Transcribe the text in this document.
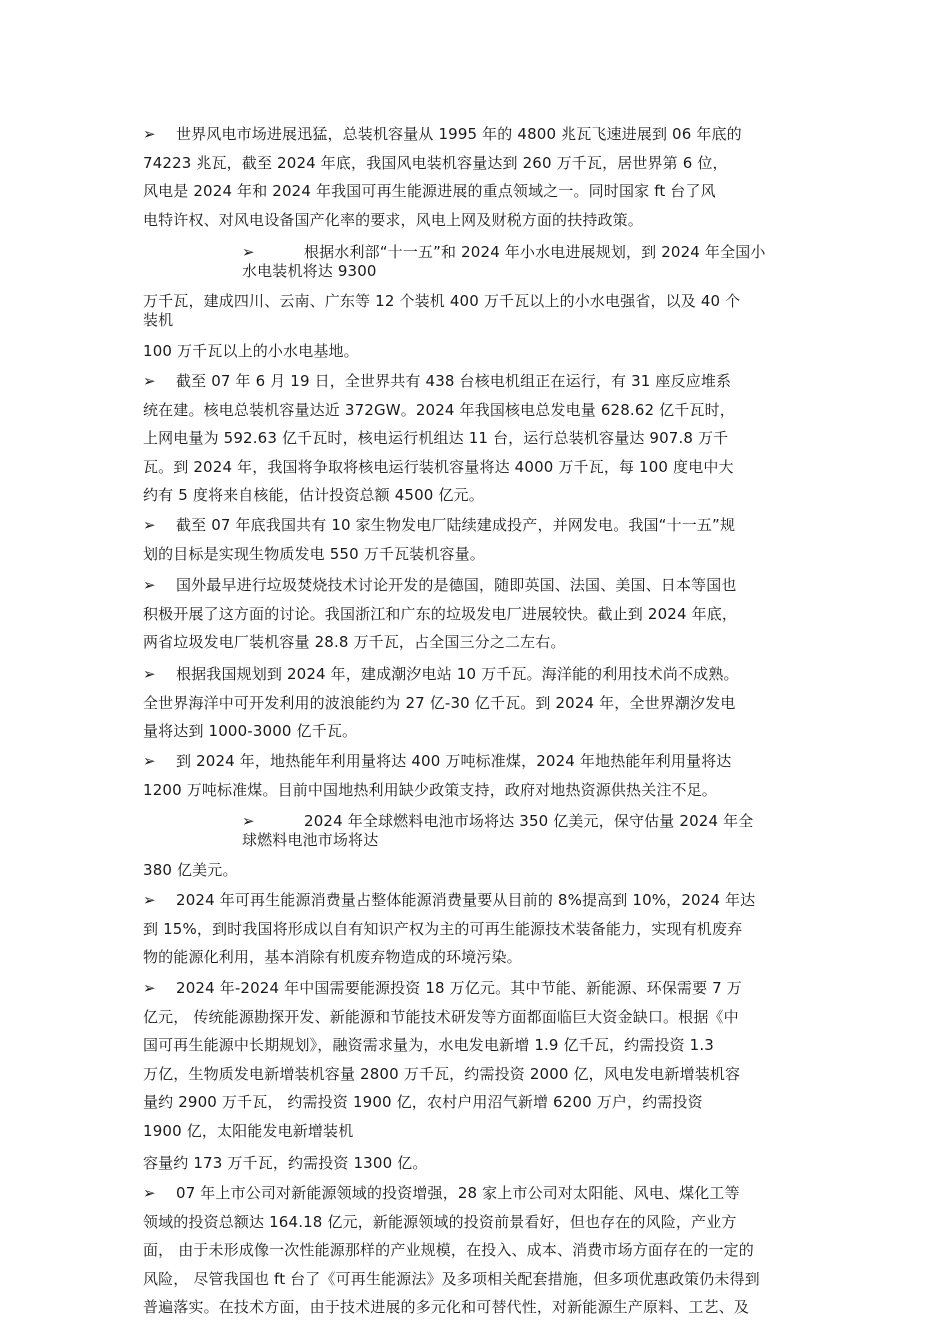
➢ 世界风电市场进展迅猛，总装机容量从 1995 年的 4800 兆瓦飞速进展到 06 年底的
74223 兆瓦，截至 2024 年底，我国风电装机容量达到 260 万千瓦，居世界第 6 位，
风电是 2024 年和 2024 年我国可再生能源进展的重点领域之一。同时国家 ft 台了风
电特许权、对风电设备国产化率的要求，风电上网及财税方面的扶持政策。
➢	根据水利部“十一五”和 2024 年小水电进展规划，到 2024 年全国小
水电装机将达 9300
万千瓦，建成四川、云南、广东等 12 个装机 400 万千瓦以上的小水电强省，以及 40 个
装机

100 万千瓦以上的小水电基地。

➢ 截至 07 年 6 月 19 日，全世界共有 438 台核电机组正在运行，有 31 座反应堆系
统在建。核电总装机容量达近 372GW。2024 年我国核电总发电量 628.62 亿千瓦时，
上网电量为 592.63 亿千瓦时，核电运行机组达 11 台，运行总装机容量达 907.8 万千
瓦。到 2024 年，我国将争取将核电运行装机容量将达 4000 万千瓦，每 100 度电中大
约有 5 度将来自核能，估计投资总额 4500 亿元。
➢ 截至 07 年底我国共有 10 家生物发电厂陆续建成投产，并网发电。我国“十一五”规
划的目标是实现生物质发电 550 万千瓦装机容量。
➢ 国外最早进行垃圾焚烧技术讨论开发的是德国，随即英国、法国、美国、日本等国也
积极开展了这方面的讨论。我国浙江和广东的垃圾发电厂进展较快。截止到 2024 年底，
两省垃圾发电厂装机容量 28.8 万千瓦，占全国三分之二左右。
➢ 根据我国规划到 2024 年，建成潮汐电站 10 万千瓦。海洋能的利用技术尚不成熟。
全世界海洋中可开发利用的波浪能约为 27 亿-30 亿千瓦。到 2024 年，全世界潮汐发电
量将达到 1000-3000 亿千瓦。
➢ 到 2024 年，地热能年利用量将达 400 万吨标准煤，2024 年地热能年利用量将达
1200 万吨标准煤。目前中国地热利用缺少政策支持，政府对地热资源供热关注不足。
➢	2024 年全球燃料电池市场将达 350 亿美元，保守估量 2024 年全
球燃料电池市场将达

380 亿美元。

➢ 2024 年可再生能源消费量占整体能源消费量要从目前的 8%提高到 10%，2024 年达
到 15%，到时我国将形成以自有知识产权为主的可再生能源技术装备能力，实现有机废弃
物的能源化利用，基本消除有机废弃物造成的环境污染。
➢ 2024 年-2024 年中国需要能源投资 18 万亿元。其中节能、新能源、环保需要 7 万
亿元， 传统能源勘探开发、新能源和节能技术研发等方面都面临巨大资金缺口。根据《中
国可再生能源中长期规划》，融资需求量为，水电发电新增 1.9 亿千瓦，约需投资 1.3
万亿，生物质发电新增装机容量 2800 万千瓦，约需投资 2000 亿，风电发电新增装机容
量约 2900 万千瓦， 约需投资 1900 亿，农村户用沼气新增 6200 万户，约需投资
1900 亿，太阳能发电新增装机

容量约 173 万千瓦，约需投资 1300 亿。

➢ 07 年上市公司对新能源领域的投资增强，28 家上市公司对太阳能、风电、煤化工等
领域的投资总额达 164.18 亿元，新能源领域的投资前景看好，但也存在的风险，产业方
面， 由于未形成像一次性能源那样的产业规模，在投入、成本、消费市场方面存在的一定的
风险， 尽管我国也 ft 台了《可再生能源法》及多项相关配套措施，但多项优惠政策仍未得到
普遍落实。在技术方面，由于技术进展的多元化和可替代性，对新能源生产原料、工艺、及
